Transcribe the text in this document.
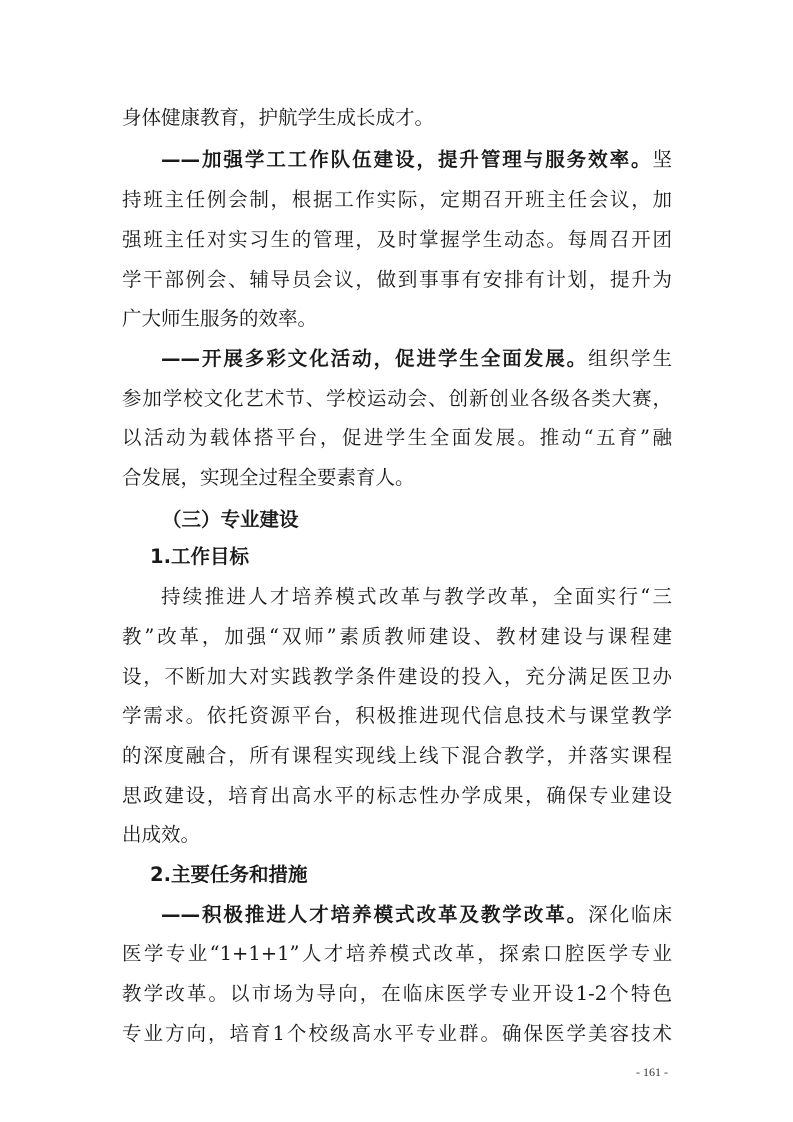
身体健康教育，护航学生成长成才。
——加强学工工作队伍建设，提升管理与服务效率。坚
持班主任例会制，根据工作实际，定期召开班主任会议，加
强班主任对实习生的管理，及时掌握学生动态。每周召开团
学干部例会、辅导员会议，做到事事有安排有计划，提升为
广大师生服务的效率。
——开展多彩文化活动，促进学生全面发展。组织学生
参加学校文化艺术节、学校运动会、创新创业各级各类大赛，
以活动为载体搭平台，促进学生全面发展。推动“五育”融
合发展，实现全过程全要素育人。
（三）专业建设
1.工作目标
持续推进人才培养模式改革与教学改革，全面实行“三
教”改革，加强“双师”素质教师建设、教材建设与课程建
设，不断加大对实践教学条件建设的投入，充分满足医卫办
学需求。依托资源平台，积极推进现代信息技术与课堂教学
的深度融合，所有课程实现线上线下混合教学，并落实课程
思政建设，培育出高水平的标志性办学成果，确保专业建设
出成效。
2.主要任务和措施
——积极推进人才培养模式改革及教学改革。深化临床
医学专业“1+1+1”人才培养模式改革，探索口腔医学专业
教学改革。以市场为导向，在临床医学专业开设1-2个特色
专业方向，培育1个校级高水平专业群。确保医学美容技术
- 161 -
